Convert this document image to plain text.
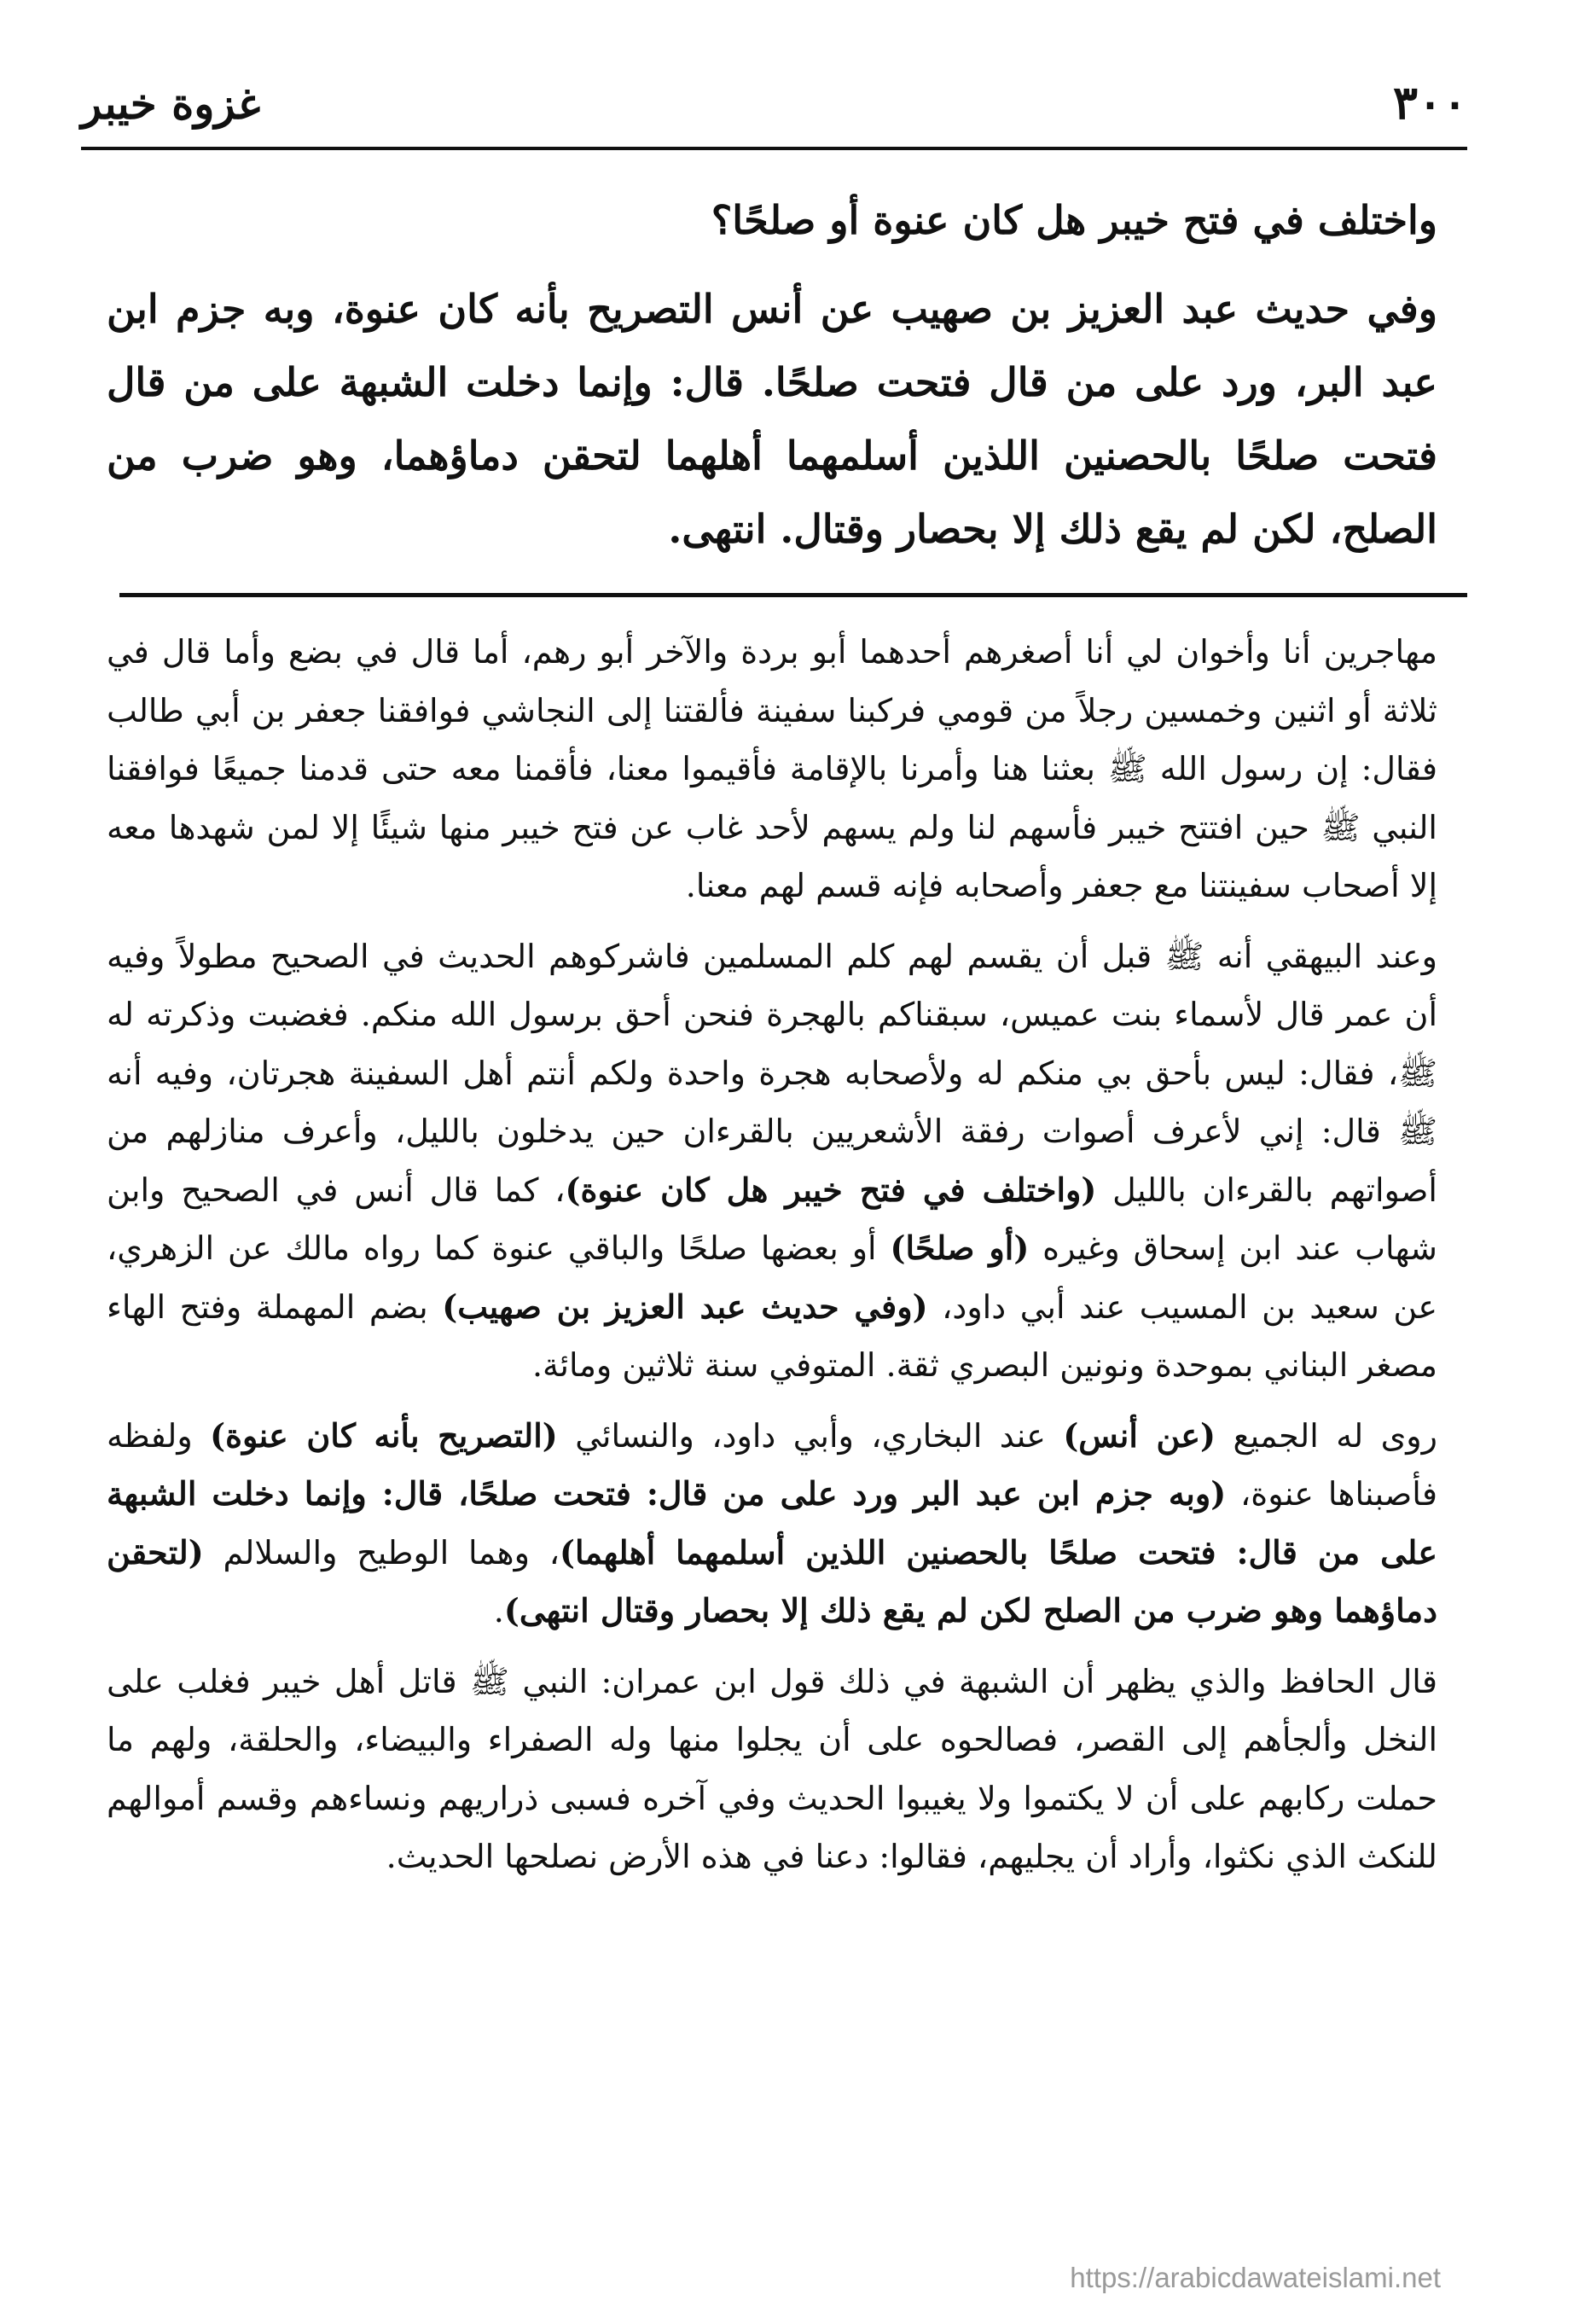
٣٠٠
غزوة خيبر

واختلف في فتح خيبر هل كان عنوة أو صلحًا؟

وفي حديث عبد العزيز بن صهيب عن أنس التصريح بأنه كان عنوة، وبه جزم ابن عبد البر، ورد على من قال فتحت صلحًا. قال: وإنما دخلت الشبهة على من قال فتحت صلحًا بالحصنين اللذين أسلمهما أهلهما لتحقن دماؤهما، وهو ضرب من الصلح، لكن لم يقع ذلك إلا بحصار وقتال. انتهى.

مهاجرين أنا وأخوان لي أنا أصغرهم أحدهما أبو بردة والآخر أبو رهم، أما قال في بضع وأما قال في ثلاثة أو اثنين وخمسين رجلاً من قومي فركبنا سفينة فألقتنا إلى النجاشي فوافقنا جعفر بن أبي طالب فقال: إن رسول الله ﷺ بعثنا هنا وأمرنا بالإقامة فأقيموا معنا، فأقمنا معه حتى قدمنا جميعًا فوافقنا النبي ﷺ حين افتتح خيبر فأسهم لنا ولم يسهم لأحد غاب عن فتح خيبر منها شيئًا إلا لمن شهدها معه إلا أصحاب سفينتنا مع جعفر وأصحابه فإنه قسم لهم معنا.

وعند البيهقي أنه ﷺ قبل أن يقسم لهم كلم المسلمين فاشركوهم الحديث في الصحيح مطولاً وفيه أن عمر قال لأسماء بنت عميس، سبقناكم بالهجرة فنحن أحق برسول الله منكم. فغضبت وذكرته له ﷺ، فقال: ليس بأحق بي منكم له ولأصحابه هجرة واحدة ولكم أنتم أهل السفينة هجرتان، وفيه أنه ﷺ قال: إني لأعرف أصوات رفقة الأشعريين بالقرءان حين يدخلون بالليل، وأعرف منازلهم من أصواتهم بالقرءان بالليل (واختلف في فتح خيبر هل كان عنوة)، كما قال أنس في الصحيح وابن شهاب عند ابن إسحاق وغيره (أو صلحًا) أو بعضها صلحًا والباقي عنوة كما رواه مالك عن الزهري، عن سعيد بن المسيب عند أبي داود، (وفي حديث عبد العزيز بن صهيب) بضم المهملة وفتح الهاء مصغر البناني بموحدة ونونين البصري ثقة. المتوفي سنة ثلاثين ومائة.

روى له الجميع (عن أنس) عند البخاري، وأبي داود، والنسائي (التصريح بأنه كان عنوة) ولفظه فأصبناها عنوة، (وبه جزم ابن عبد البر ورد على من قال: فتحت صلحًا، قال: وإنما دخلت الشبهة على من قال: فتحت صلحًا بالحصنين اللذين أسلمهما أهلهما)، وهما الوطيح والسلالم (لتحقن دماؤهما وهو ضرب من الصلح لكن لم يقع ذلك إلا بحصار وقتال انتهى).

قال الحافظ والذي يظهر أن الشبهة في ذلك قول ابن عمران: النبي ﷺ قاتل أهل خيبر فغلب على النخل وألجأهم إلى القصر، فصالحوه على أن يجلوا منها وله الصفراء والبيضاء، والحلقة، ولهم ما حملت ركابهم على أن لا يكتموا ولا يغيبوا الحديث وفي آخره فسبى ذراريهم ونساءهم وقسم أموالهم للنكث الذي نكثوا، وأراد أن يجليهم، فقالوا: دعنا في هذه الأرض نصلحها الحديث.

https://arabicdawateislami.net
